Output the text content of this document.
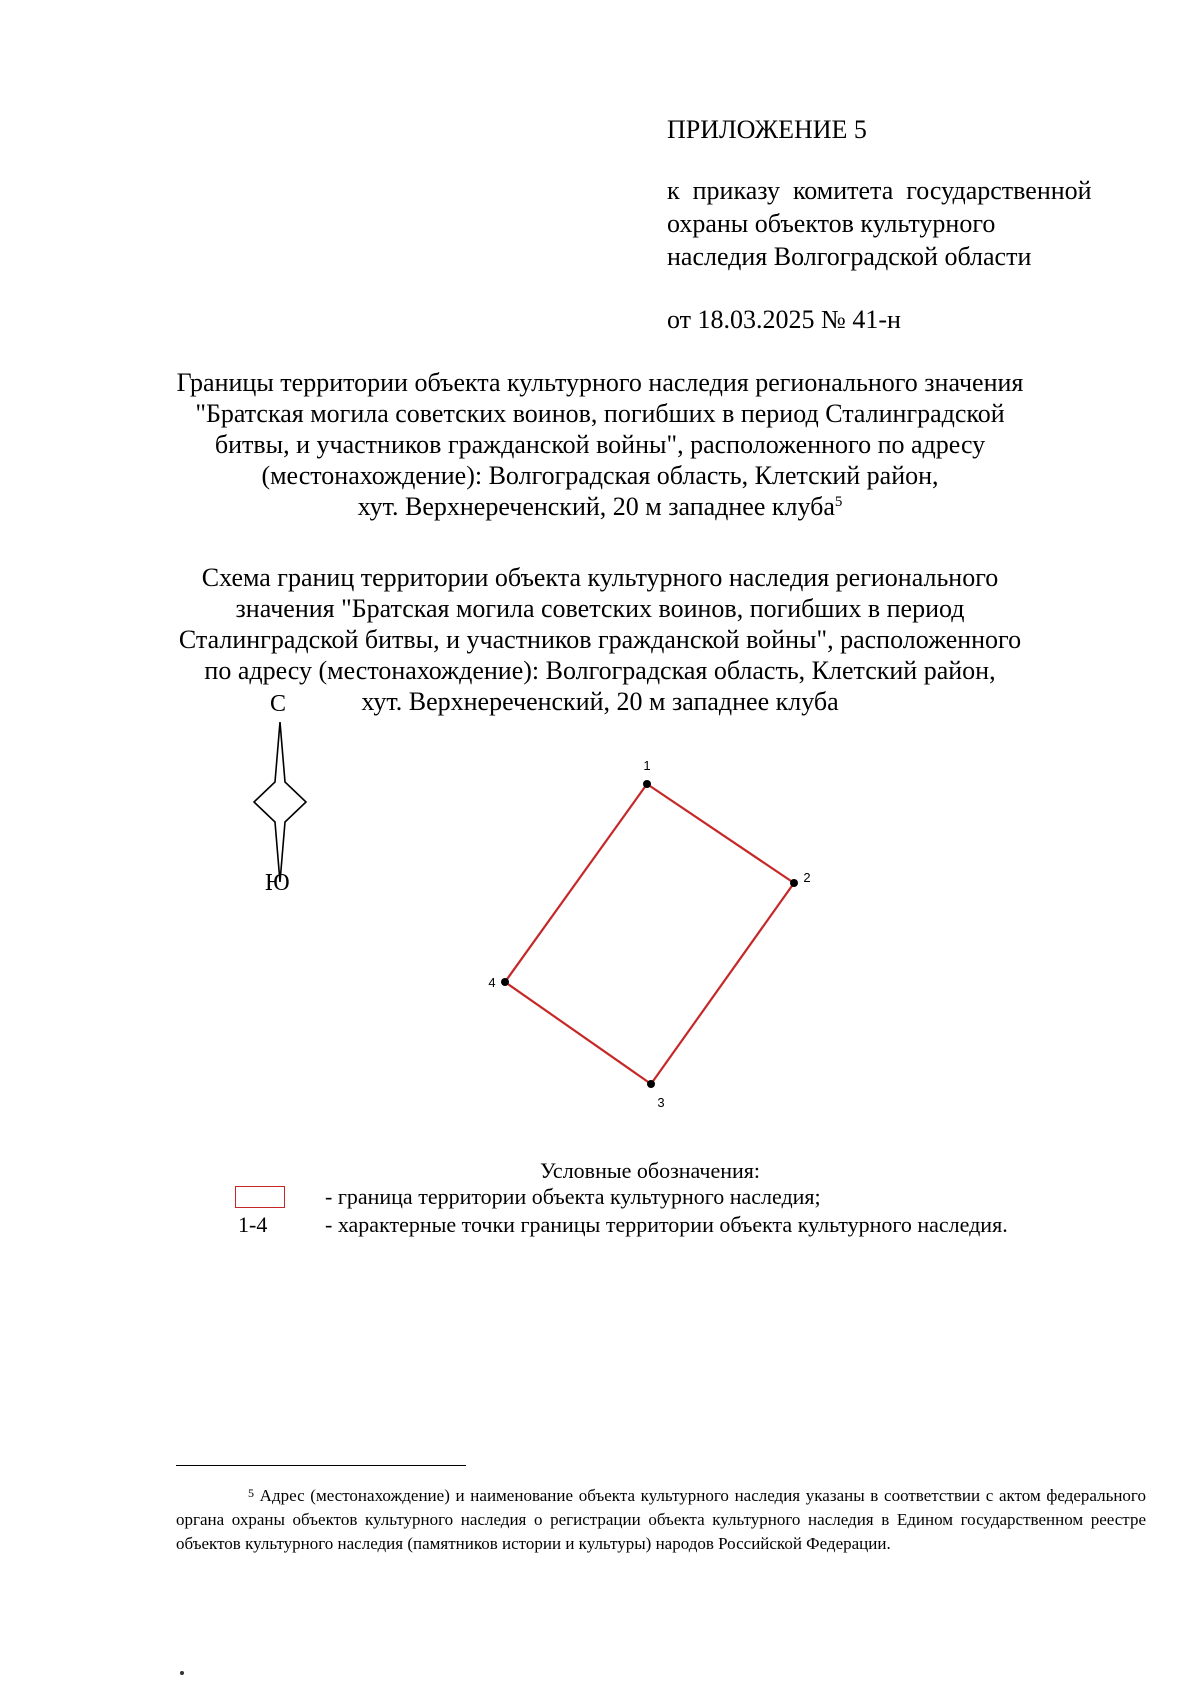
ПРИЛОЖЕНИЕ 5
к  приказу  комитета  государственной
охраны объектов культурного
наследия Волгоградской области
от 18.03.2025 № 41-н
Границы территории объекта культурного наследия регионального значения
"Братская могила советских воинов, погибших в период Сталинградской
битвы, и участников гражданской войны", расположенного по адресу
(местонахождение): Волгоградская область, Клетский район,
хут. Верхнереченский, 20 м западнее клуба$^5$
Схема границ территории объекта культурного наследия регионального
значения "Братская могила советских воинов, погибших в период
Сталинградской битвы, и участников гражданской войны", расположенного
по адресу (местонахождение): Волгоградская область, Клетский район,
хут. Верхнереченский, 20 м западнее клуба
С
Ю
1
2
3
4
Условные обозначения:
- граница территории объекта культурного наследия;
1-4	- характерные точки границы территории объекта культурного наследия.
$^5$ Адрес (местонахождение) и наименование объекта культурного наследия указаны в соответствии с актом федерального органа охраны объектов культурного наследия о регистрации объекта культурного наследия в Едином государственном реестре объектов культурного наследия (памятников истории и культуры) народов Российской Федерации.
